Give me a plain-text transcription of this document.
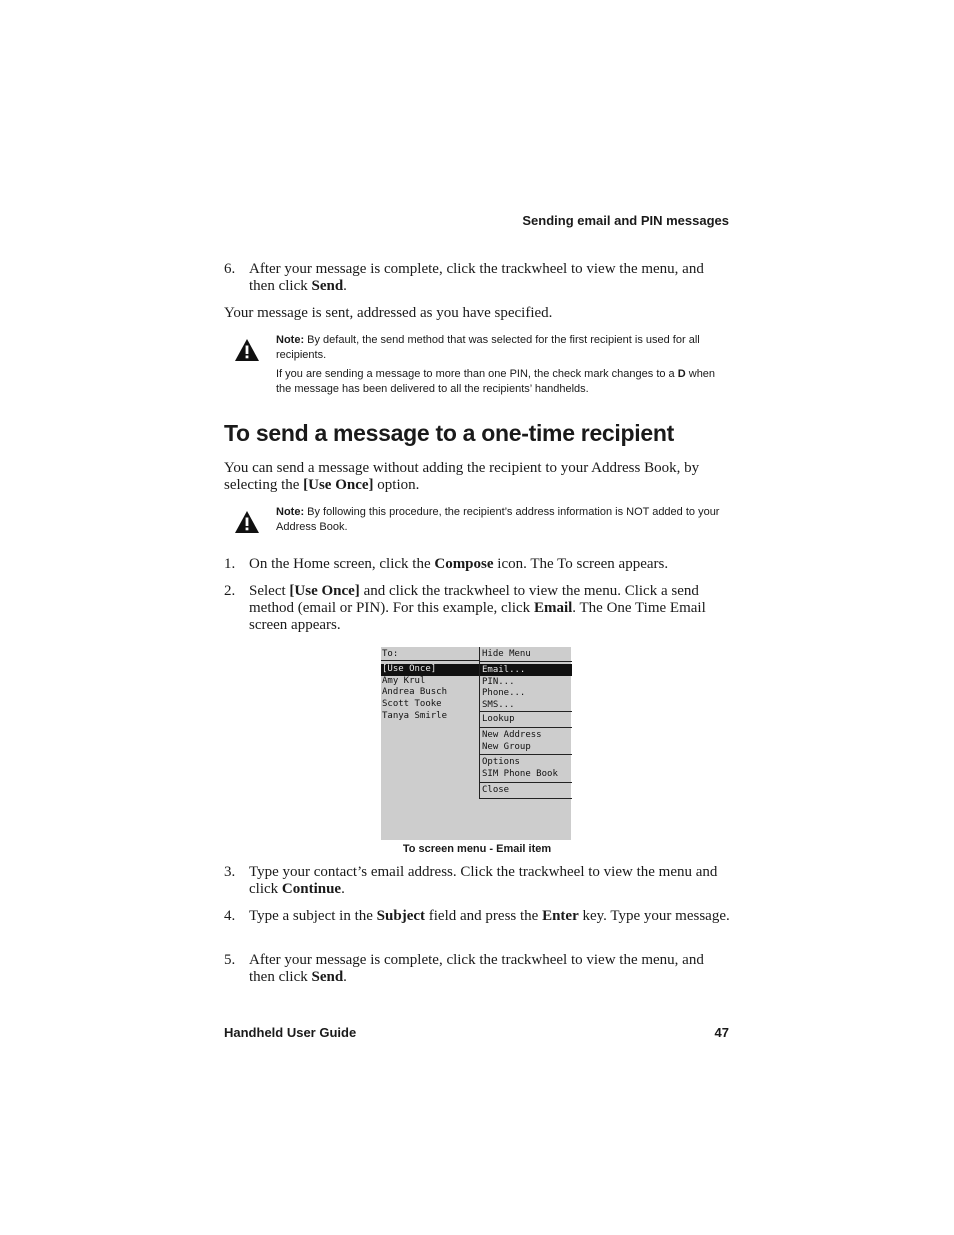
Sending email and PIN messages
6. After your message is complete, click the trackwheel to view the menu, and then click Send.
Your message is sent, addressed as you have specified.

Note: By default, the send method that was selected for the first recipient is used for all recipients.

If you are sending a message to more than one PIN, the check mark changes to a D when the message has been delivered to all the recipients’ handhelds.

To send a message to a one-time recipient
You can send a message without adding the recipient to your Address Book, by selecting the [Use Once] option.

Note: By following this procedure, the recipient’s address information is NOT added to your Address Book.

1. On the Home screen, click the Compose icon. The To screen appears.
2. Select [Use Once] and click the trackwheel to view the menu. Click a send method (email or PIN). For this example, click Email. The One Time Email screen appears.
To:
[Use Once]
Amy Krul
Andrea Busch
Scott Tooke
Tanya Smirle
Hide Menu
Email...
PIN...
Phone...
SMS...
Lookup
New Address
New Group
Options
SIM Phone Book
Close
To screen menu - Email item
3. Type your contact’s email address. Click the trackwheel to view the menu and click Continue.
4. Type a subject in the Subject field and press the Enter key. Type your message.
5. After your message is complete, click the trackwheel to view the menu, and then click Send.
Handheld User Guide	47
